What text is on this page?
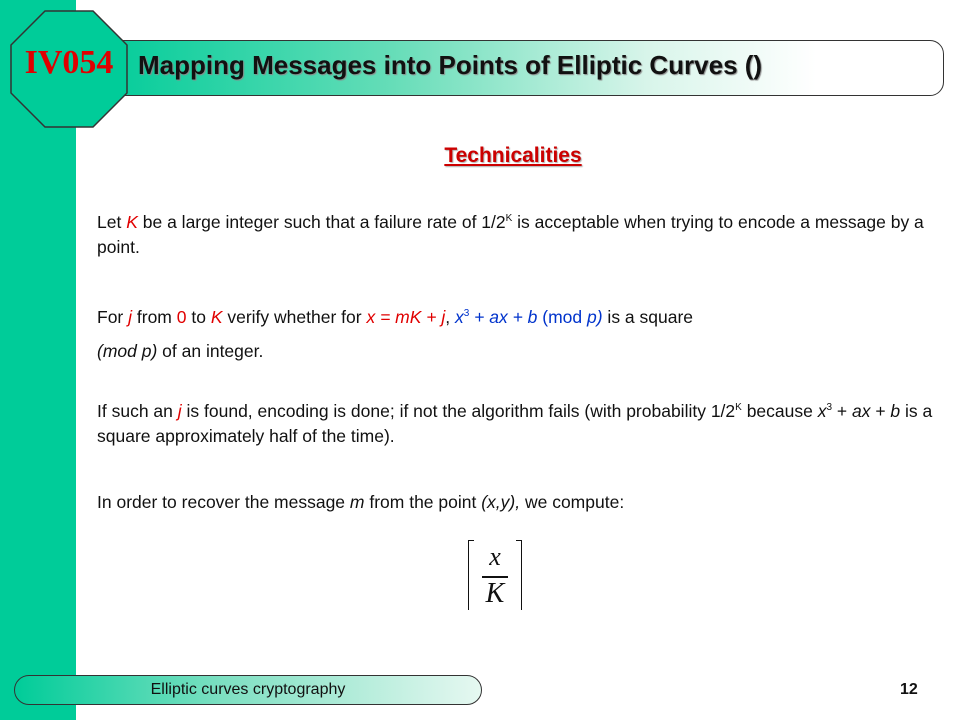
Mapping Messages into Points of Elliptic Curves ()
IV054
Technicalities
Let K be a large integer such that a failure rate of $1/2^K$ is acceptable when trying to encode a message by a point.
For j from 0 to K verify whether for x = mK + j, $x^3$ + ax + b (mod p) is a square
(mod p) of an integer.
If such an j is found, encoding is done; if not the algorithm fails (with probability $1/2^K$ because $x^3$ + ax + b is a square approximately half of the time).
In order to recover the message m from the point (x,y), we compute:
x
K
Elliptic curves cryptography	12
